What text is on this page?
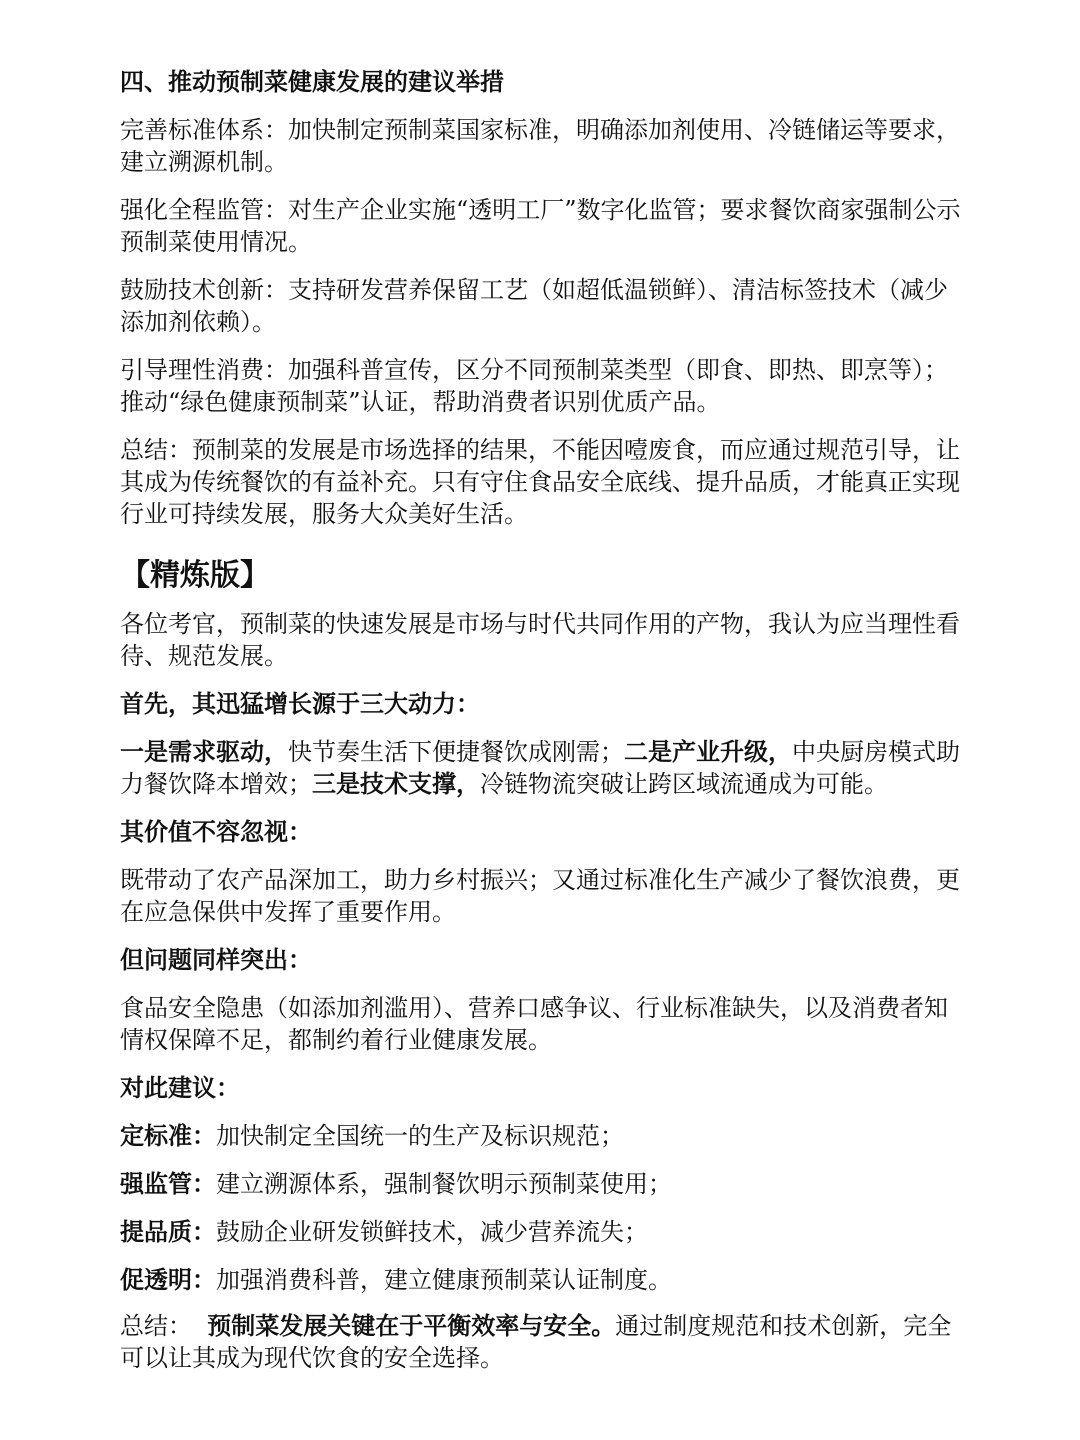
四、推动预制菜健康发展的建议举措

完善标准体系：加快制定预制菜国家标准，明确添加剂使用、冷链储运等要求，建立溯源机制。

强化全程监管：对生产企业实施“透明工厂”数字化监管；要求餐饮商家强制公示预制菜使用情况。

鼓励技术创新：支持研发营养保留工艺（如超低温锁鲜）、清洁标签技术（减少添加剂依赖）。

引导理性消费：加强科普宣传，区分不同预制菜类型（即食、即热、即烹等）；推动“绿色健康预制菜”认证，帮助消费者识别优质产品。

总结：预制菜的发展是市场选择的结果，不能因噎废食，而应通过规范引导，让其成为传统餐饮的有益补充。只有守住食品安全底线、提升品质，才能真正实现行业可持续发展，服务大众美好生活。

【精炼版】

各位考官，预制菜的快速发展是市场与时代共同作用的产物，我认为应当理性看待、规范发展。

首先，其迅猛增长源于三大动力：

一是需求驱动，快节奏生活下便捷餐饮成刚需；二是产业升级，中央厨房模式助力餐饮降本增效；三是技术支撑，冷链物流突破让跨区域流通成为可能。

其价值不容忽视：

既带动了农产品深加工，助力乡村振兴；又通过标准化生产减少了餐饮浪费，更在应急保供中发挥了重要作用。

但问题同样突出：

食品安全隐患（如添加剂滥用）、营养口感争议、行业标准缺失，以及消费者知情权保障不足，都制约着行业健康发展。

对此建议：

定标准：加快制定全国统一的生产及标识规范；

强监管：建立溯源体系，强制餐饮明示预制菜使用；

提品质：鼓励企业研发锁鲜技术，减少营养流失；

促透明：加强消费科普，建立健康预制菜认证制度。

总结：  预制菜发展关键在于平衡效率与安全。通过制度规范和技术创新，完全可以让其成为现代饮食的安全选择。
